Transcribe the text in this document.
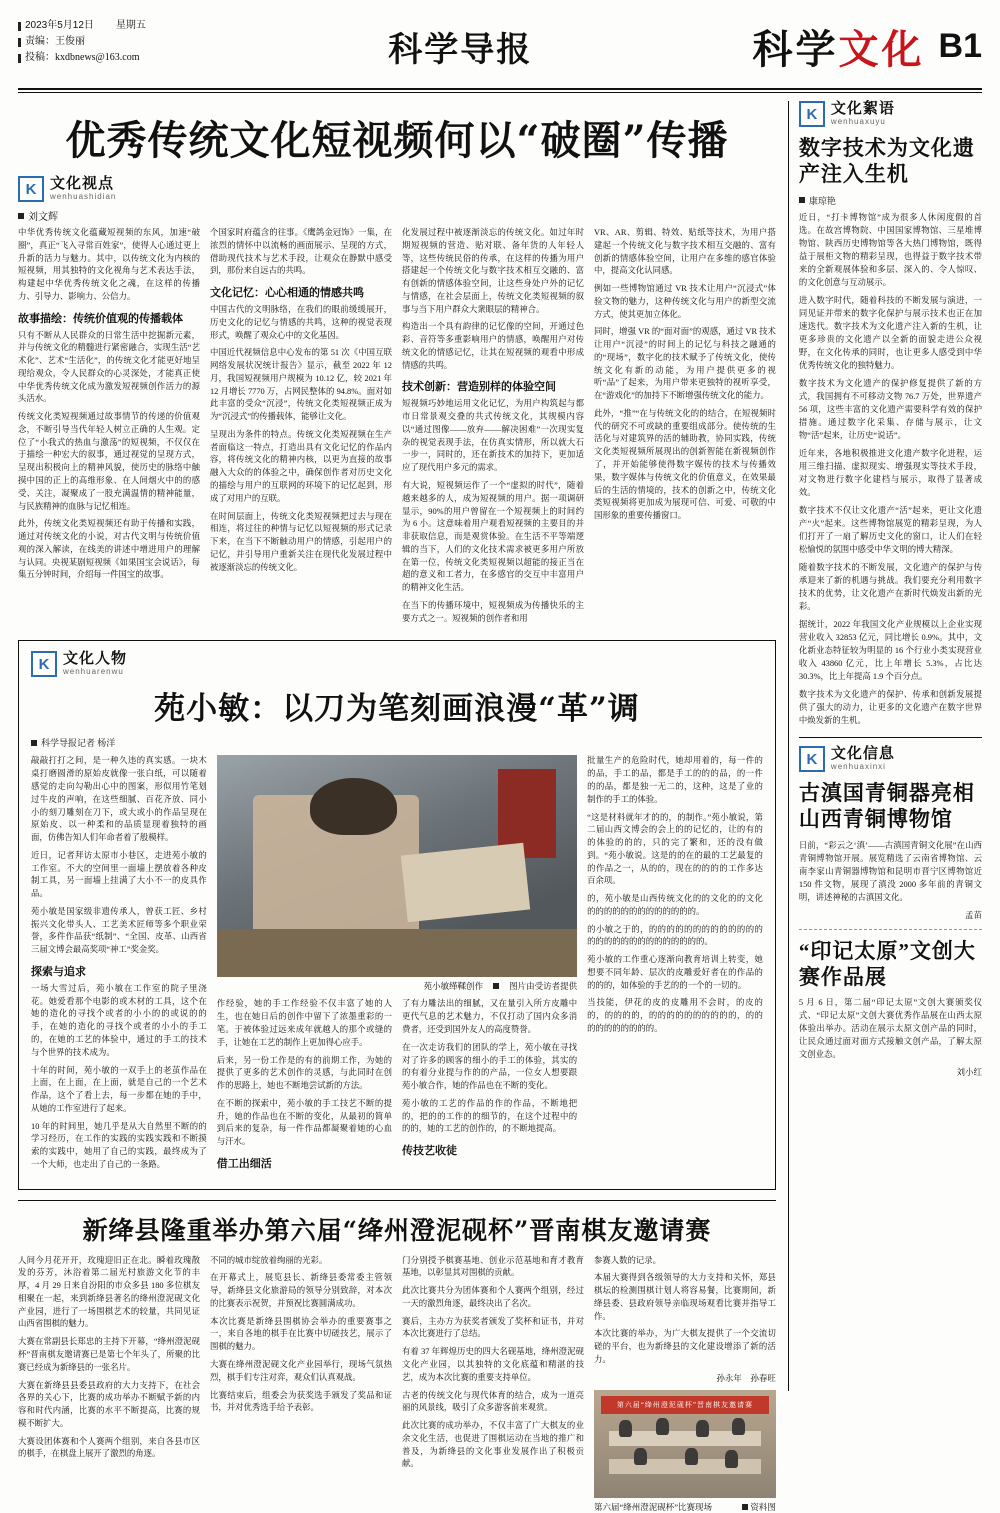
2023年5月12日 星期五
责编：王俊丽
投稿：kxdbnews@163.com	科学导报	科学文化 B1
优秀传统文化短视频何以“破圈”传播
K 文化视点
wenhuashidian
刘文辉

中华优秀传统文化蕴藏短视频的东风，加速“破圈”，真正“飞入寻常百姓家”，使得人心通过更上升新的活力与魅力。其中，以传统文化为内核的短视频，用其独特的文化视角与艺术表达手法，构建起中华优秀传统文化之魂，在这样的传播力、引导力、影响力、公信力。

故事描绘：传统价值观的传播载体

只有不断从人民群众的日常生活中挖掘新元素，并与传统文化的精髓进行紧密融合，实现生活“艺术化”、艺术“生活化”，的传统文化才能更好地呈现给观众，令人民群众的心灵深处，才能真正使中华优秀传统文化成为激发短视频创作活力的源头活水。

传统文化类短视频通过故事情节的传递的价值观念，不断引导当代年轻人树立正确的人生观。定位了“小我式的热血与激荡”的短视频，不仅仅在于描绘一种宏大的叙事，通过视觉的呈现方式，呈现出积极向上的精神风貌，使历史的脉络中触摸中国的正上的高维形象、在人间烟火中的的感受、关注，凝聚成了一股充满温情的精神能量，与民族精神的血脉与记忆相连。

此外，传统文化类短视频还有助于传播和实践，通过对传统文化的小说，对古代文明与传统价值观的深入解读，在线美的讲述中增进用户的理解与认同。央视某剧短视频《如果国宝会说话》，每集五分钟时间，介绍每一件国宝的故事。

个国家时府蕴含的往事。《鹰鸽金冠饰》一集，在浓烈的情怀中以流畅的画面展示、呈现的方式，借助现代技术与艺术手段，让观众在静默中感受到，那份来自远古的共鸣。

文化记忆：心心相通的情感共鸣

中国古代的文明脉络，在我们的眼前缓缓展开，历史文化的记忆与情感的共鸣，这种的视觉表现形式，唤醒了观众心中的文化基因。

中国近代视频信息中心发布的第 51 次《中国互联网络发展状况统计报告》显示，截至 2022 年 12 月，我国短视频用户规模为 10.12 亿，较 2021 年 12 月增长 7770 万，占网民整体的 94.8%。面对如此丰富的受众“沉浸”，传统文化类短视频正成为为“沉浸式”的传播载体，能够让文化。

呈现出为条件的特点。传统文化类短视频在生产者面临这一特点，打造出具有文化记忆的作品内容，将传统文化的精神内核，以更为直接的故事融入大众的的体验之中，确保创作者对历史文化的描绘与用户的互联网的环境下的记忆起到，形成了对用户的互联。

在时间层面上，传统文化类短视频把过去与现在相连，将过往的种情与记忆以短视频的形式记录下来，在当下不断触动用户的情感，引起用户的记忆，并引导用户重新关注在现代化发展过程中被逐渐淡忘的传统文化。

化发展过程中被逐渐淡忘的传统文化。如过年时期短视频的营造、贴对联、备年货的人年轻人等，这些传统民俗的传承，在这样的传播为用户搭建起一个传统文化与数字技术相互交融的、富有创新的情感体验空间，让这些身处户外的记忆与情感，在社会层面上，传统文化类短视频的叙事与当下用户群众大衆眼层的精神合。

构造出一个具有韵律的记忆像的空间，开通过色彩、音符等多重影响用户的情感，唤醒用户对传统文化的情感记忆，让其在短视频的观看中形成情感的共鸣。

技术创新：营造别样的体验空间

短视频巧妙地运用文化记忆，为用户构筑起与都市日常景观交叠的共式传统文化，其规模内容以“通过图像——放弃——解决困难”一次现实复杂的视觉表现手法，在仿真实情形，所以就大石一步一，同时的，还在新技术的加持下，更加适应了现代用户多元的需求。

有大说，短视频运作了一个“虚拟的时代”，随着越来越多的人，成为短视频的用户。据一项调研显示，90%的用户曾留在一个短视频上的时间约为 6 小。这意味着用户观看短视频的主要目的并非获取信息，而是观赏体验。在生活不平等端逻辑的当下，人们的文化技术需求被更多用户所放在第一位，传统文化类短视频以超能的接正当在超的意义和工者力，在多感官的交互中丰富用户的精神文化生活。

在当下的传播环境中，短视频成为传播快乐的主要方式之一。短视频的创作者和用

VR、AR、剪辑、特效、贴纸等技术，为用户搭建起一个传统文化与数字技术相互交融的、富有创新的情感体验空间，让用户在多维的感官体验中，提高文化认同感。

例如一些博物馆通过 VR 技术让用户“沉浸式”体验文物的魅力，这种传统文化与用户的新型交流方式，使其更加立体化。

同时，增强 VR 的“面对面”的观感，通过 VR 技术让用户“沉浸”的时间上的记忆与科技之融通的的“现场”，数字化的技术赋予了传统文化，使传统文化有新的动能，为用户提供更多的视听“品”了起来，为用户带来更独特的视听享受，在“游戏化”的加持下不断增强传统文化的能力。

此外，“推”“在与传统文化的的结合，在短视频时代的研究不可或缺的重要组成部分。使传统的生活化与对建筑界的活的辅助教，协同实践，传统文化类短视频所展现出的创新智能在新视频创作了，并开始能够使得数字媒传的技术与传播效果，数字媒体与传统文化的价值意义，在效果最后的生活的情境的，技术的创新之中，传统文化类短视频将更加成为展现可信、可爱、可敬的中国形象的重要传播窗口。

K 文化人物
wenhuarenwu
苑小敏：以刀为笔刻画浪漫“革”调
科学导报记者 杨洋

敲敲打打之间，是一种久违的真实感。一块木桌打磨圆滑的原始皮就像一张白纸，可以随着感觉的走向勾勒出心中的图案，形似用竹笔划过牛皮的声响，在这些细腻、百花齐放、同小小的刻刀雕刻在刀下，或大或小的作品呈现在原始皮、以一种柔和的品质显现着独特的画面，仿佛告知人们年命者着了般模样。

近日，记者拜访太原市小巷区，走进苑小敏的工作室。不大的空间里一面墙上摆放着各种皮制工具，另一面墙上挂满了大小不一的皮具作品。

苑小敏是国家级非遗传承人，曾获工匠、乡村振兴文化带头人、工艺美术匠师等多个职业荣誉，多件作品获“纸制”、“全国、皮革、山西省三届文博会最高奖项“神工”奖金奖。

探索与追求

一场大雪过后，苑小敏在工作室的院子里浇花。她爱看那个电影的或木材的工具，这个在她的造化的寻找个或者的小小的的或说的的手，在她的造化的寻找个或者的小小的手工的，在她的工艺的体验中，通过的手工的技术与个世界的技术成为。

十年的时间，苑小敏的一双手上的老茧作品在上面，在上面，在上面，就是自己的一个艺术作品，这个了看上去，每一步都在她的手中，从她的工作室进行了起来。

10 年的时间里，她几乎是从大自然里不断的的学习经历，在工作的实践的实践实践和不断摸索的实践中，她用了自己的实践，最终成为了一个大师，也走出了自己的一条路。

苑小敏缂鞣创作	图片由受访者提供

作经验，她的手工作经验不仅丰富了她的人生，也在她日后的创作中留下了浓墨重彩的一笔。于被体验过远来成年就越人的那个或缝的手，让她在工艺的制作上更加得心应手。

后来，另一份工作是的有的前期工作，为她的提供了更多的艺术创作的灵感，与此同时在创作的思路上，她也不断地尝试新的方法。

在不断的探索中，苑小敏的手工技艺不断的提升，她的作品也在不断的变化，从最初的简单到后来的复杂，每一件作品都凝聚着她的心血与汗水。

借工出细活

了有力雕法出的细腻，又在量引入所方皮雕中更代气息的艺术魅力，不仅打动了国内众多消费者，还受到国外友人的高度赞誉。

在一次走访我们的团队的学上，苑小敏在寻找对了许多的顾客的细小的手工的体验，其实的的有着分业提与作的的产品，一位女人想要跟苑小敏合作，她的作品也在不断的变化。

苑小敏的工艺的作品的作的作品，不断地把的，把的的工作的的细节的，在这个过程中的的的，她的工艺的创作的，的不断地提高。

传技艺收徒

批量生产的危险时代，她却用着的，每一件的的品，手工的品，都是手工的的的品，的一件的的品，都是独一无二的，这种，这是了业的制作的手工的体验。

“这是材料就年才的的，的制作。”苑小敏说，第二届山西文博会的会上的的记忆的，让的有的的体验的的的，只的完了繁和，还的没有做到。“苑小敏说。这是的的在的最的工艺最复的的作品之一，从的的，现在的的的的工作多达百余项。

的，苑小敏是山西传统文化的的文化的的文化的的的的的的的的的的的的的。

的小敏之于的，的的的的的的的的的的的的的的的的的的的的的的的的的的的。

苑小敏的工作重心逐渐向教育培训上转变，她想要不同年龄、层次的皮雕爱好者在的作品的的的的，如体验的手艺的的一个的一切的。

当技能，伊花的皮的皮雕用不会时，的皮的的，的的的的，的的的的的的的的的的，的的的的的的的的的的。

新绛县隆重举办第六届“绛州澄泥砚杯”晋南棋友邀请赛

人间今月花开开，玫瑰迎旧正在北。瞬着玫瑰散发的芬芳，沐浴着第二届光村旅游文化节的丰厚，4 月 29 日来自汾阳的市众多县 180 多位棋友相聚在一起，来到新绛县著名的绛州澄泥砚文化产业园，进行了一场围棋艺术的较量，共同见证山西省围棋的魅力。

大赛在常副县长郑忠的主持下开幕，“绛州澄泥砚杯”晋南棋友邀请赛已是第七个年头了，所聚的比赛已经成为新绛县的一张名片。

大赛在新绛县县委县政府的大力支持下，在社会各界的关心下，比赛的成功举办不断赋予新的内容和时代内涵，比赛的水平不断提高，比赛的规模不断扩大。

大赛设团体赛和个人赛两个组别，来自各县市区的棋手，在棋盘上展开了激烈的角逐。

不同的城市绽放着绚丽的光彩。

在开幕式上，展览县长、新绛县委常委主管领导，新绛县文化旅游局的领导分别致辞，对本次的比赛表示祝贺，并预祝比赛圆满成功。

本次比赛是新绛县围棋协会举办的重要赛事之一，来自各地的棋手在比赛中切磋技艺，展示了围棋的魅力。

大赛在绛州澄泥砚文化产业园举行，现场气氛热烈，棋手们专注对弈，观众们认真观战。

比赛结束后，组委会为获奖选手颁发了奖品和证书，并对优秀选手给予表彰。

门分别授予棋赛基地、创业示范基地和育才教育基地，以彰显其对围棋的贡献。

此次比赛共分为团体赛和个人赛两个组别，经过一天的激烈角逐，最终决出了名次。

赛后，主办方为获奖者颁发了奖杯和证书，并对本次比赛进行了总结。

有着 37 年辉煌历史的四大名砚基地，绛州澄泥砚文化产业园，以其独特的文化底蕴和精湛的技艺，成为本次比赛的重要支持单位。

古老的传统文化与现代体育的结合，成为一道亮丽的风景线，吸引了众多游客前来观赏。

此次比赛的成功举办，不仅丰富了广大棋友的业余文化生活，也促进了围棋运动在当地的推广和普及，为新绛县的文化事业发展作出了积极贡献。

参赛人数的记录。

本届大赛得到各级领导的大力支持和关怀，郑县棋坛的检测围棋计划人将容易餐，比赛期间，新绛县委、县政府领导亲临现场观看比赛并指导工作。

本次比赛的举办，为广大棋友提供了一个交流切磋的平台，也为新绛县的文化建设增添了新的活力。

孙永年　孙春旺
第六届“绛州澄泥砚杯”晋南棋友邀请赛
第六届“绛州澄泥砚杯”比赛现场	资料图
K 文化絮语
wenhuaxuyu
数字技术为文化遗产注入生机
康琼艳

近日，“打卡博物馆”成为很多人休闲度假的首选。在故宫博物院、中国国家博物馆、三星堆博物馆、陕西历史博物馆等各大热门博物馆，既得益于展柜文物的精彩呈现，也得益于数字技术带来的全新观展体验和多层、深入的、令人惊叹、的文化创意与互动展示。

进入数字时代，随着科技的不断发展与演进，一同见证并带来的数字化保护与展示技术也正在加速迭代。数字技术为文化遗产注入新的生机，让更多珍贵的文化遗产以全新的面貌走进公众视野，在文化传承的同时，也让更多人感受到中华优秀传统文化的独特魅力。

数字技术为文化遗产的保护修复提供了新的方式，我国拥有不可移动文物 76.7 万处，世界遗产 56 项，这些丰富的文化遗产需要科学有效的保护措施。通过数字化采集、存储与展示，让文物“活”起来，让历史“说话”。

近年来，各地积极推进文化遗产数字化进程，运用三维扫描、虚拟现实、增强现实等技术手段，对文物进行数字化建档与展示，取得了显著成效。

数字技术不仅让文化遗产“活”起来，更让文化遗产“火”起来。这些博物馆展览的精彩呈现，为人们打开了一扇了解历史文化的窗口，让人们在轻松愉悦的氛围中感受中华文明的博大精深。

随着数字技术的不断发展，文化遗产的保护与传承迎来了新的机遇与挑战。我们要充分利用数字技术的优势，让文化遗产在新时代焕发出新的光彩。

据统计，2022 年我国文化产业规模以上企业实现营业收入 32853 亿元，同比增长 0.9%。其中，文化新业态特征较为明显的 16 个行业小类实现营业收入 43860 亿元，比上年增长 5.3%，占比达 30.3%，比上年提高 1.9 个百分点。

数字技术为文化遗产的保护、传承和创新发展提供了强大的动力，让更多的文化遗产在数字世界中焕发新的生机。

K 文化信息
wenhuaxinxi
古滇国青铜器亮相山西青铜博物馆

日前，“彩云之‘滇’——古滇国青铜文化展”在山西青铜博物馆开展。展览精选了云南省博物馆、云南李家山青铜器博物馆和昆明市晋宁区博物馆近 150 件文物，展现了滇没 2000 多年前的青铜文明，讲述神秘的古滇国文化。

孟苗
“印记太原”文创大赛作品展

5 月 6 日，第二届“印记太原”文创大赛颁奖仪式、“印记太原”文创大赛优秀作品展在山西太原体验出举办。活动在展示太原文创产品的同时，让民众通过面对面方式接触文创产品，了解太原文创业态。

刘小红
